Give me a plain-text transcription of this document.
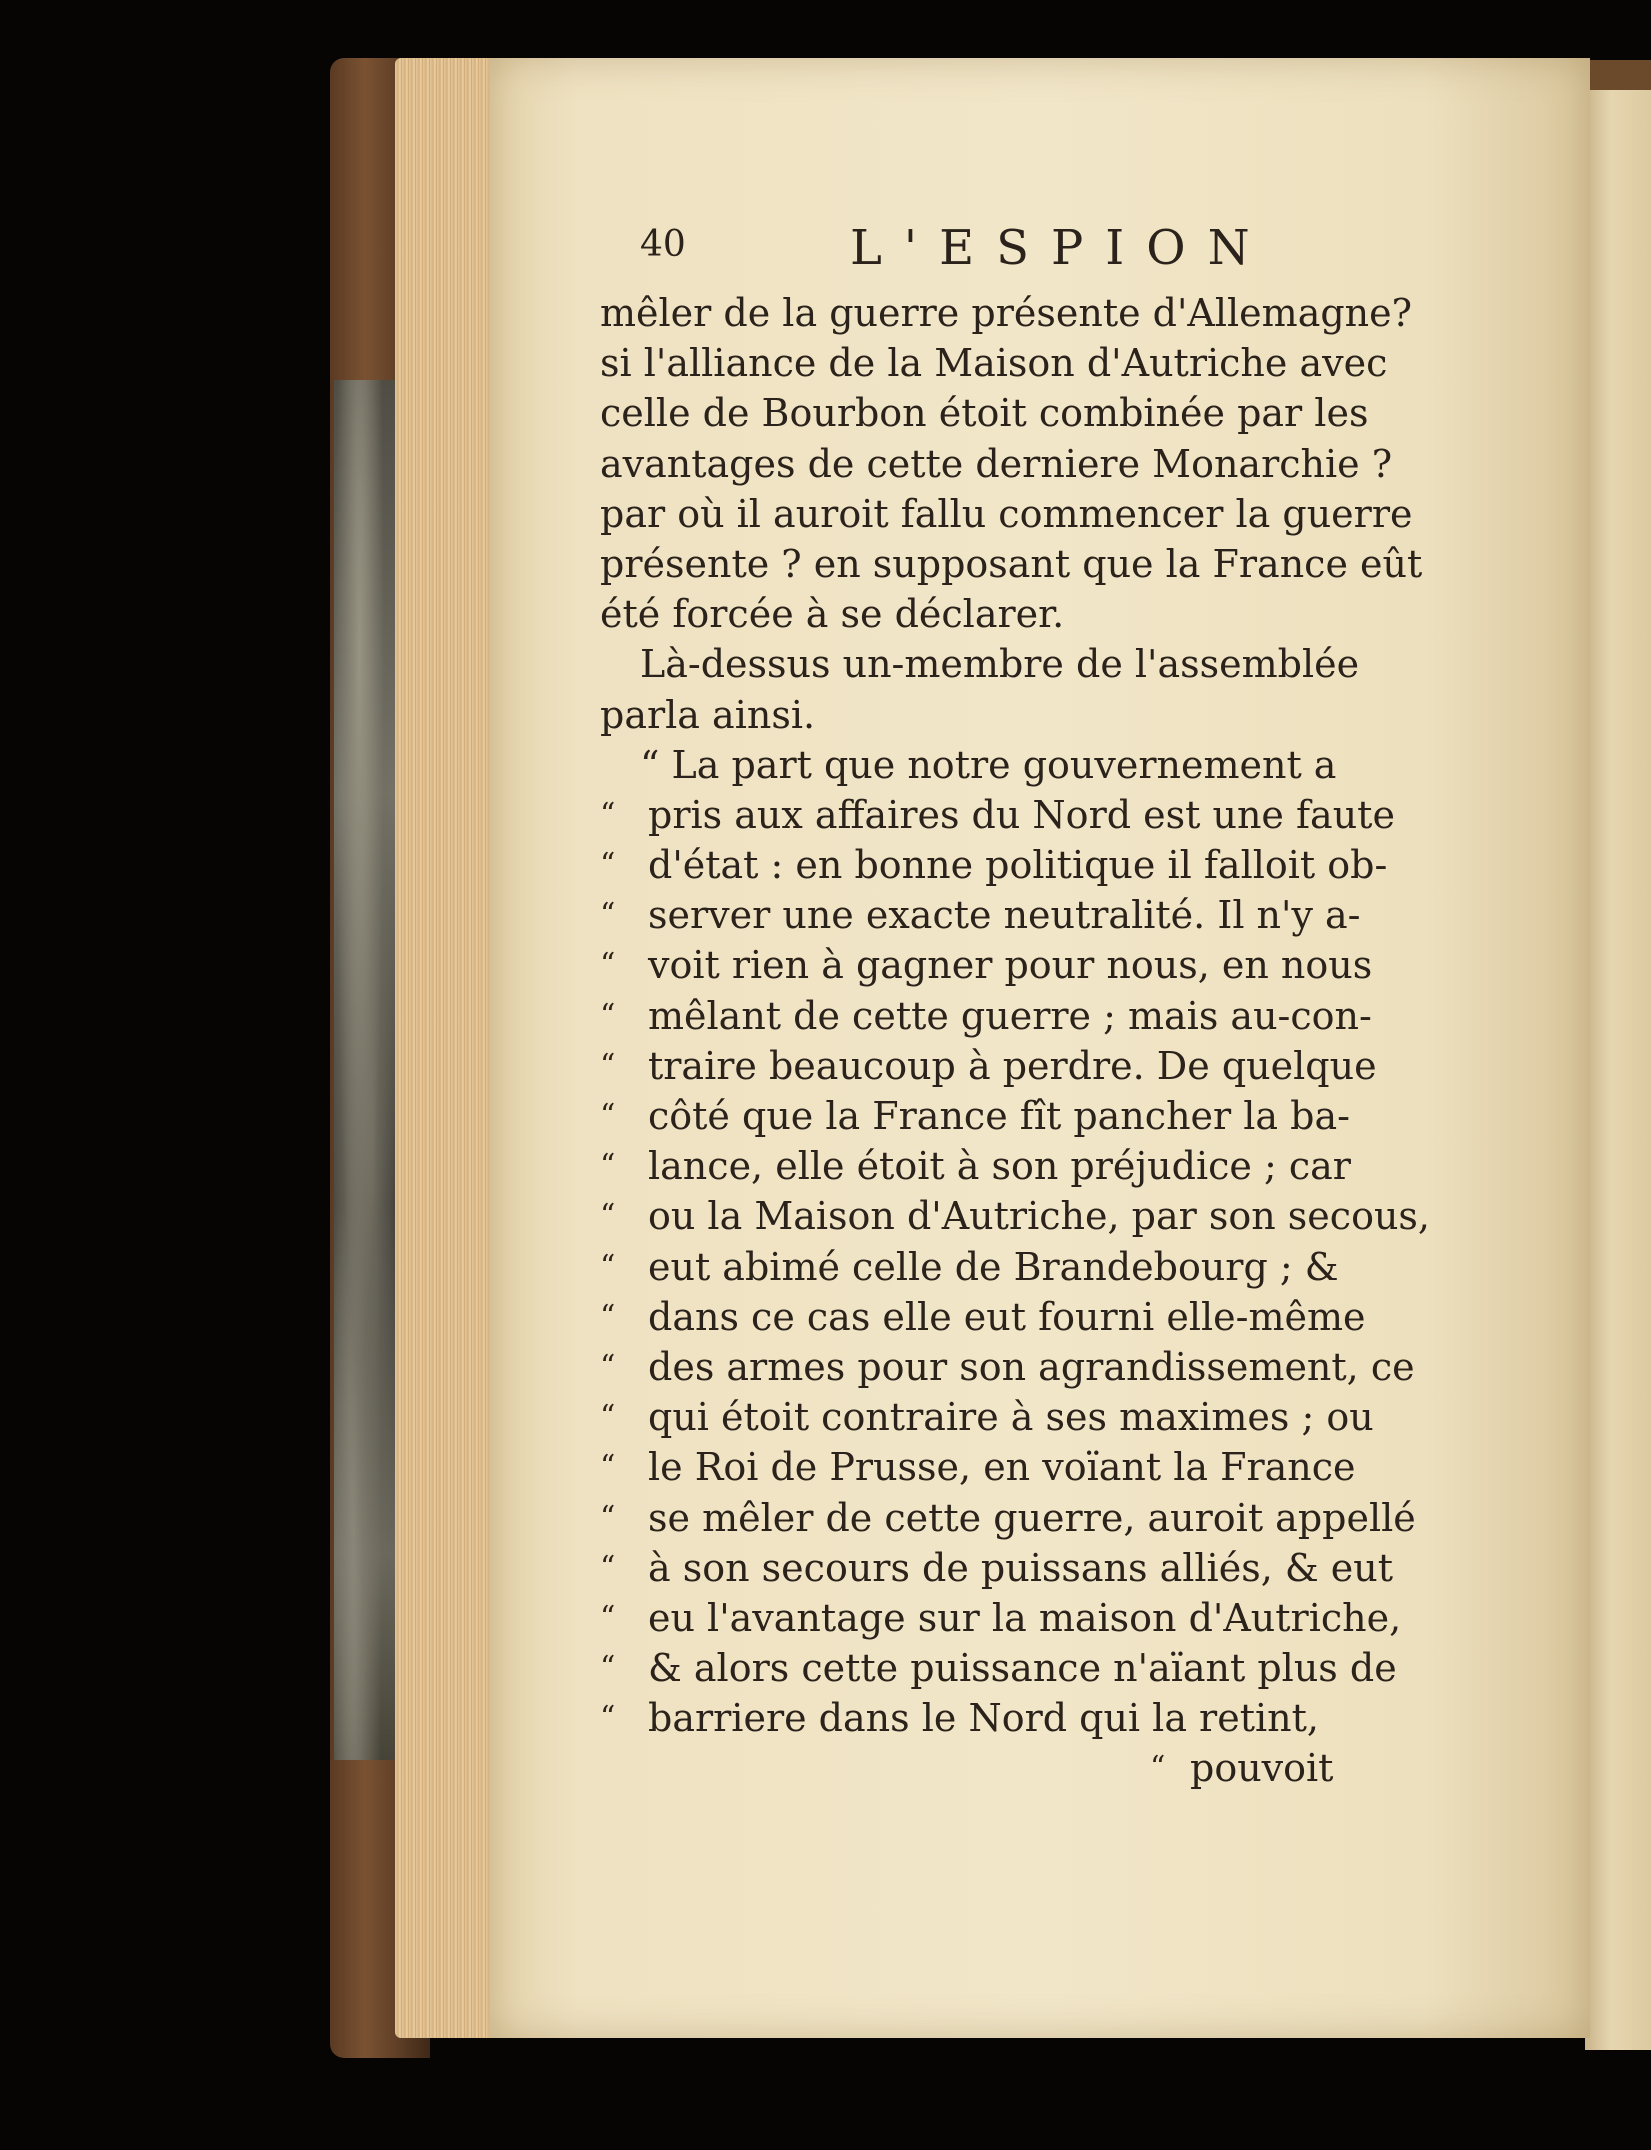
40	L'ESPION
mêler de la guerre présente d'Allemagne?
si l'alliance de la Maison d'Autriche avec
celle de Bourbon étoit combinée par les
avantages de cette derniere Monarchie ?
par où il auroit fallu commencer la guerre
présente ? en supposant que la France eût
été forcée à se déclarer.
Là-dessus un-membre de l'assemblée
parla ainsi.
“ La part que notre gouvernement a
“ pris aux affaires du Nord est une faute
“ d'état : en bonne politique il falloit ob-
“ server une exacte neutralité. Il n'y a-
“ voit rien à gagner pour nous, en nous
“ mêlant de cette guerre ; mais au-con-
“ traire beaucoup à perdre. De quelque
“ côté que la France fît pancher la ba-
“ lance, elle étoit à son préjudice ; car
“ ou la Maison d'Autriche, par son secous,
“ eut abimé celle de Brandebourg ; &
“ dans ce cas elle eut fourni elle-même
“ des armes pour son agrandissement, ce
“ qui étoit contraire à ses maximes ; ou
“ le Roi de Prusse, en voïant la France
“ se mêler de cette guerre, auroit appellé
“ à son secours de puissans alliés, & eut
“ eu l'avantage sur la maison d'Autriche,
“ & alors cette puissance n'aïant plus de
“ barriere dans le Nord qui la retint,
“ pouvoit
